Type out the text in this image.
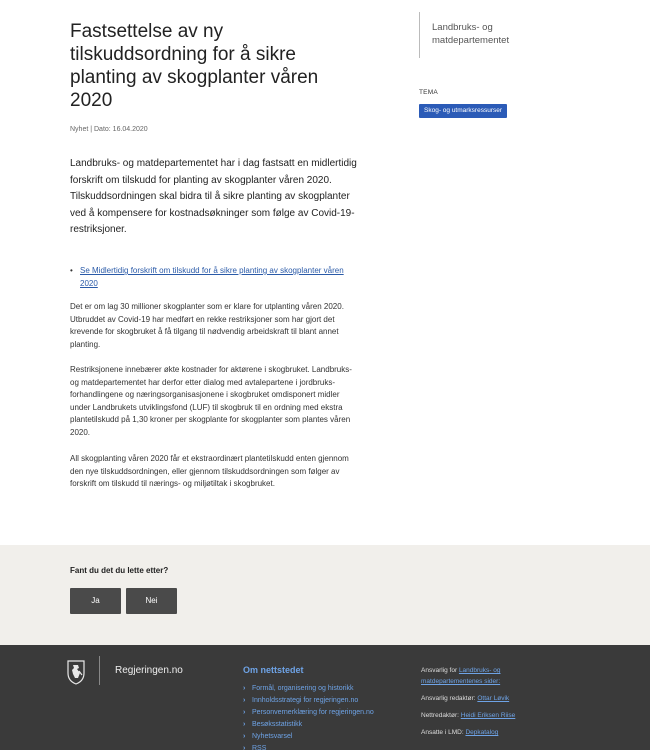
Fastsettelse av ny tilskuddsordning for å sikre planting av skogplanter våren 2020
Nyhet | Dato: 16.04.2020

Landbruks- og matdepartementet har i dag fastsatt en midlertidig forskrift om tilskudd for planting av skogplanter våren 2020. Tilskuddsordningen skal bidra til å sikre planting av skogplanter ved å kompensere for kostnadsøkninger som følge av Covid-19-restriksjoner.

• Se Midlertidig forskrift om tilskudd for å sikre planting av skogplanter våren 2020

Det er om lag 30 millioner skogplanter som er klare for utplanting våren 2020. Utbruddet av Covid-19 har medført en rekke restriksjoner som har gjort det krevende for skogbruket å få tilgang til nødvendig arbeidskraft til blant annet planting.

Restriksjonene innebærer økte kostnader for aktørene i skogbruket. Landbruks- og matdepartementet har derfor etter dialog med avtalepartene i jordbruks-forhandlingene og næringsorganisasjonene i skogbruket omdisponert midler under Landbrukets utviklingsfond (LUF) til skogbruk til en ordning med ekstra plantetilskudd på 1,30 kroner per skogplante for skogplanter som plantes våren 2020.

All skogplanting våren 2020 får et ekstraordinært plantetilskudd enten gjennom den nye tilskuddsordningen, eller gjennom tilskuddsordningen som følger av forskrift om tilskudd til nærings- og miljøtiltak i skogbruket.

Landbruks- og matdepartementet
TEMA
Skog- og utmarksressurser
Fant du det du lette etter?
Ja	Nei
Regjeringen.no	Om nettstedet
› Formål, organisering og historikk
› Innholdsstrategi for regjeringen.no
› Personvernerklæring for regjeringen.no
› Besøksstatistikk
› Nyhetsvarsel
› RSS
Ansvarlig for Landbruks- og matdepartementenes sider:
Ansvarlig redaktør: Ottar Løvik
Nettredaktør: Heidi Eriksen Riise
Ansatte i LMD: Depkatalog
